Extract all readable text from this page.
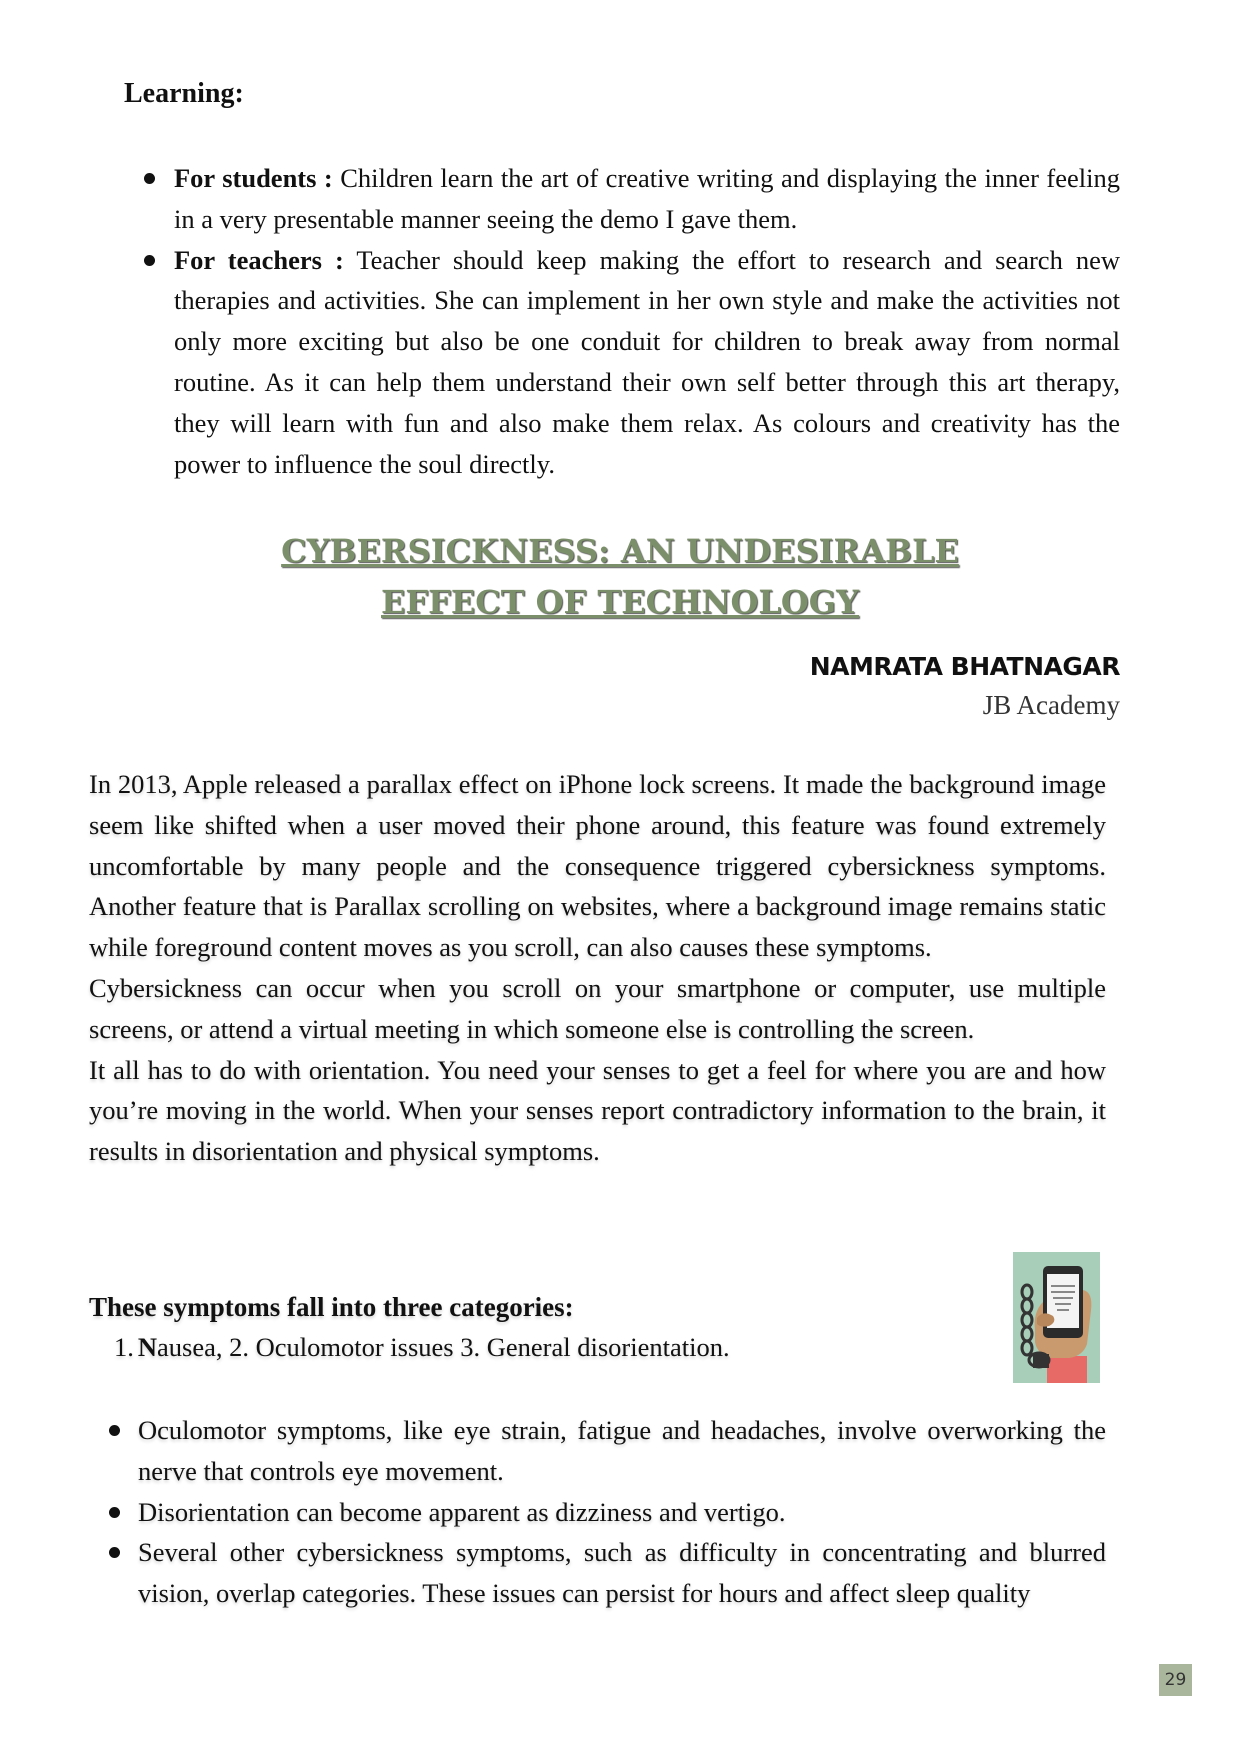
Learning:
For students : Children learn the art of creative writing and displaying the inner feeling in a very presentable manner seeing the demo I gave them.
For teachers : Teacher should keep making the effort to research and search new therapies and activities. She can implement in her own style and make the activities not only more exciting but also be one conduit for children to break away from normal routine. As it can help them understand their own self better through this art therapy, they will learn with fun and also make them relax. As colours and creativity has the power to influence the soul directly.
CYBERSICKNESS: AN UNDESIRABLE
EFFECT OF TECHNOLOGY
NAMRATA BHATNAGAR
JB Academy

In 2013, Apple released a parallax effect on iPhone lock screens. It made the background image seem like shifted when a user moved their phone around, this feature was found extremely uncomfortable by many people and the consequence triggered cybersickness symptoms. Another feature that is Parallax scrolling on websites, where a background image remains static while foreground content moves as you scroll, can also causes these symptoms.

Cybersickness can occur when you scroll on your smartphone or computer, use multiple screens, or attend a virtual meeting in which someone else is controlling the screen.

It all has to do with orientation. You need your senses to get a feel for where you are and how you’re moving in the world. When your senses report contradictory information to the brain, it results in disorientation and physical symptoms.

These symptoms fall into three categories:
1. Nausea, 2. Oculomotor issues 3. General disorientation.
Oculomotor symptoms, like eye strain, fatigue and headaches, involve overworking the nerve that controls eye movement.
Disorientation can become apparent as dizziness and vertigo.
Several other cybersickness symptoms, such as difficulty in concentrating and blurred vision, overlap categories. These issues can persist for hours and affect sleep quality
29
